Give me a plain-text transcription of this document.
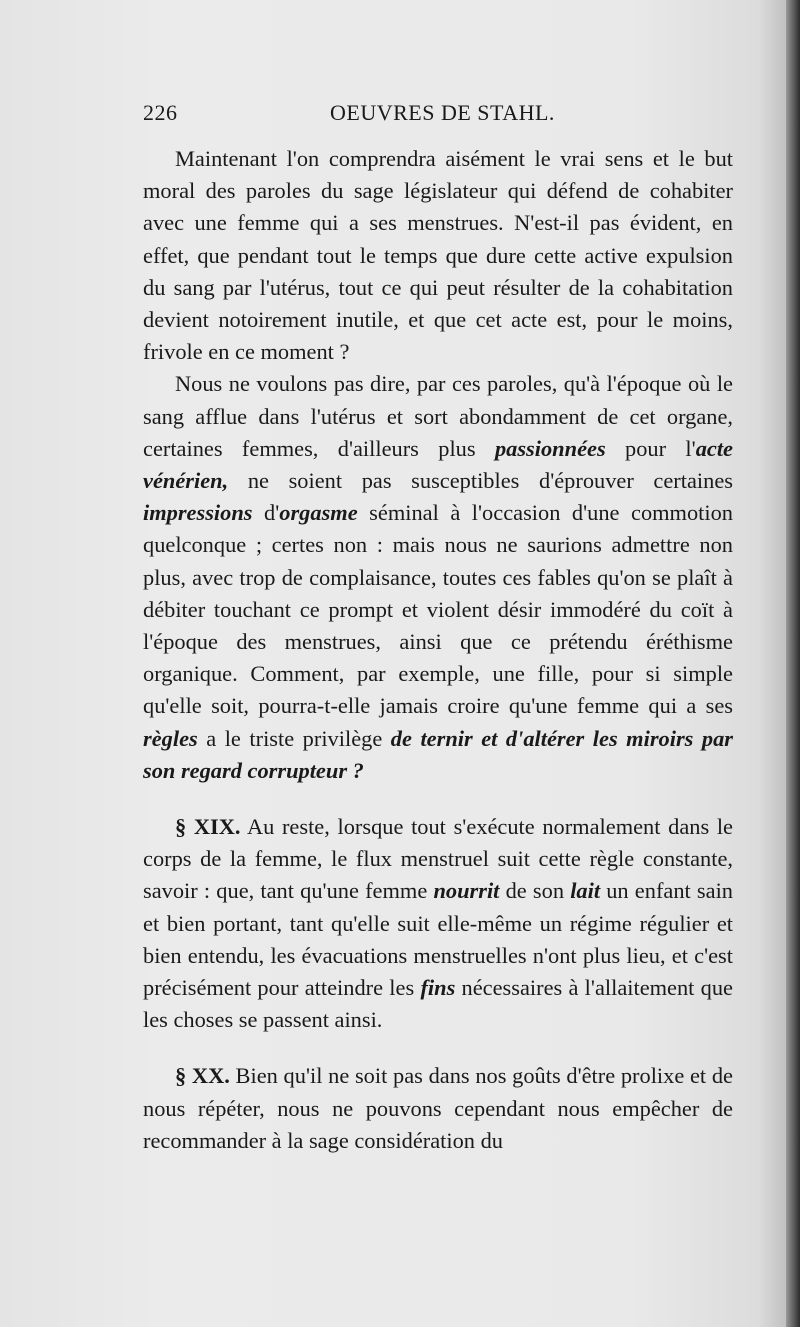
226	OEUVRES DE STAHL.

Maintenant l'on comprendra aisément le vrai sens et le but moral des paroles du sage législateur qui défend de cohabiter avec une femme qui a ses menstrues. N'est-il pas évident, en effet, que pendant tout le temps que dure cette active expulsion du sang par l'utérus, tout ce qui peut résulter de la cohabitation devient notoirement inutile, et que cet acte est, pour le moins, frivole en ce moment ?

Nous ne voulons pas dire, par ces paroles, qu'à l'époque où le sang afflue dans l'utérus et sort abondamment de cet organe, certaines femmes, d'ailleurs plus passionnées pour l'acte vénérien, ne soient pas susceptibles d'éprouver certaines impressions d'orgasme séminal à l'occasion d'une commotion quelconque ; certes non : mais nous ne saurions admettre non plus, avec trop de complaisance, toutes ces fables qu'on se plaît à débiter touchant ce prompt et violent désir immodéré du coït à l'époque des menstrues, ainsi que ce prétendu éréthisme organique. Comment, par exemple, une fille, pour si simple qu'elle soit, pourra-t-elle jamais croire qu'une femme qui a ses règles a le triste privilège de ternir et d'altérer les miroirs par son regard corrupteur ?

§ XIX. Au reste, lorsque tout s'exécute normalement dans le corps de la femme, le flux menstruel suit cette règle constante, savoir : que, tant qu'une femme nourrit de son lait un enfant sain et bien portant, tant qu'elle suit elle-même un régime régulier et bien entendu, les évacuations menstruelles n'ont plus lieu, et c'est précisément pour atteindre les fins nécessaires à l'allaitement que les choses se passent ainsi.

§ XX. Bien qu'il ne soit pas dans nos goûts d'être prolixe et de nous répéter, nous ne pouvons cependant nous empêcher de recommander à la sage considération du
